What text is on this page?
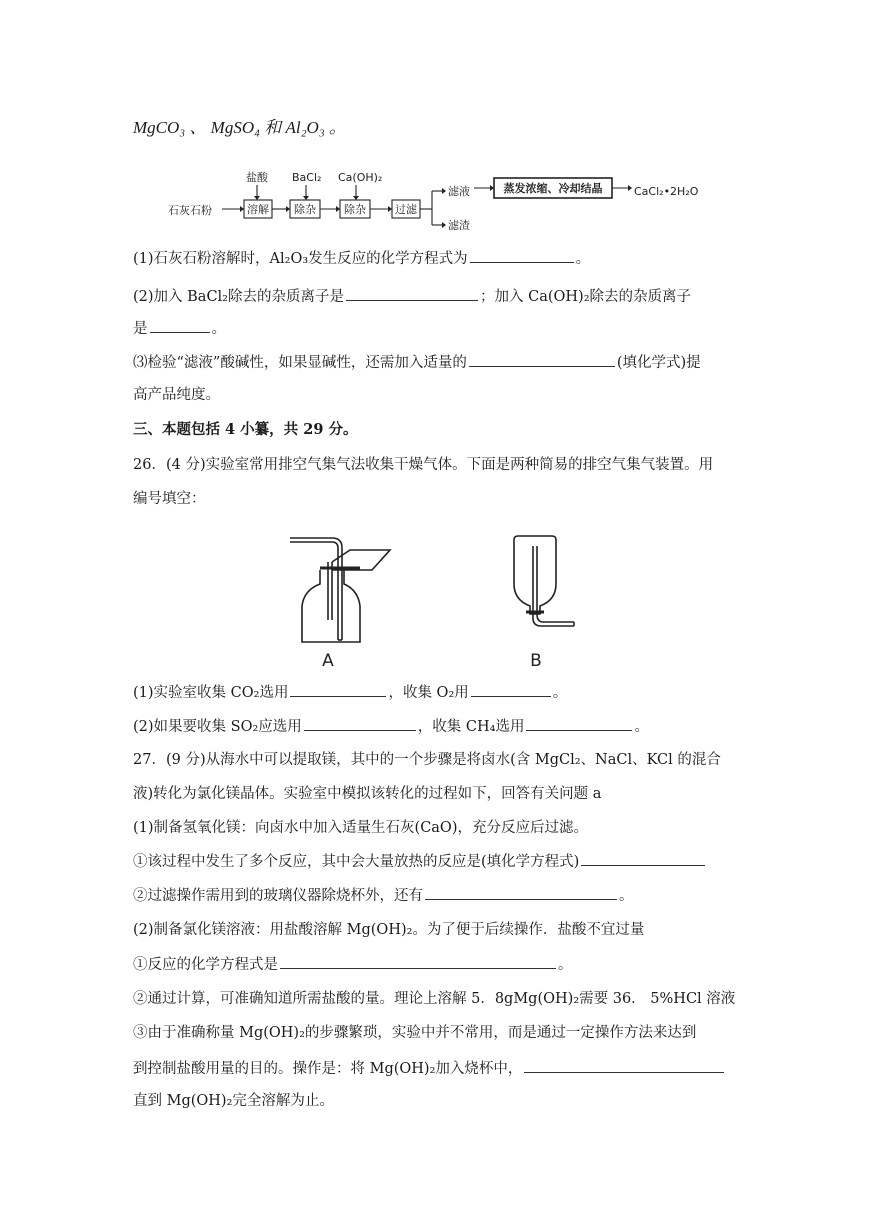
MgCO₃ 、 MgSO₄ 和 Al₂O₃ 。
盐酸 BaCl₂ Ca(OH)₂
石灰石粉
滤液
滤渣
CaCl₂•2H₂O
溶解 除杂	除杂	过滤
蒸发浓缩、冷却结晶
(1)石灰石粉溶解时，Al₂O₃发生反应的化学方程式为	。
(2)加入 BaCl₂除去的杂质离子是	；加入 Ca(OH)₂除去的杂质离子
是	。
⑶检验“滤液”酸碱性，如果显碱性，还需加入适量的	(填化学式)提
高产品纯度。
三、本题包括 4 小纂，共 29 分。
26．(4 分)实验室常用排空气集气法收集干燥气体。下面是两种简易的排空气集气装置。用
编号填空：
A	B
(1)实验室收集 CO₂选用	，收集 O₂用	。
(2)如果要收集 SO₂应选用	，收集 CH₄选用	。
27．(9 分)从海水中可以提取镁，其中的一个步骤是将卤水(含 MgCl₂、NaCl、KCl 的混合
液)转化为氯化镁晶体。实验室中模拟该转化的过程如下，回答有关问题 a
(1)制备氢氧化镁：向卤水中加入适量生石灰(CaO)，充分反应后过滤。
①该过程中发生了多个反应，其中会大量放热的反应是(填化学方程式)
②过滤操作需用到的玻璃仪器除烧杯外，还有	。
(2)制备氯化镁溶液：用盐酸溶解 Mg(OH)₂。为了便于后续操作．盐酸不宜过量
①反应的化学方程式是	。
②通过计算，可准确知道所需盐酸的量。理论上溶解 5．8gMg(OH)₂需要 36． 5%HCl 溶液
③由于准确称量 Mg(OH)₂的步骤繁琐，实验中并不常用，而是通过一定操作方法来达到
到控制盐酸用量的目的。操作是：将 Mg(OH)₂加入烧杯中，
直到 Mg(OH)₂完全溶解为止。
